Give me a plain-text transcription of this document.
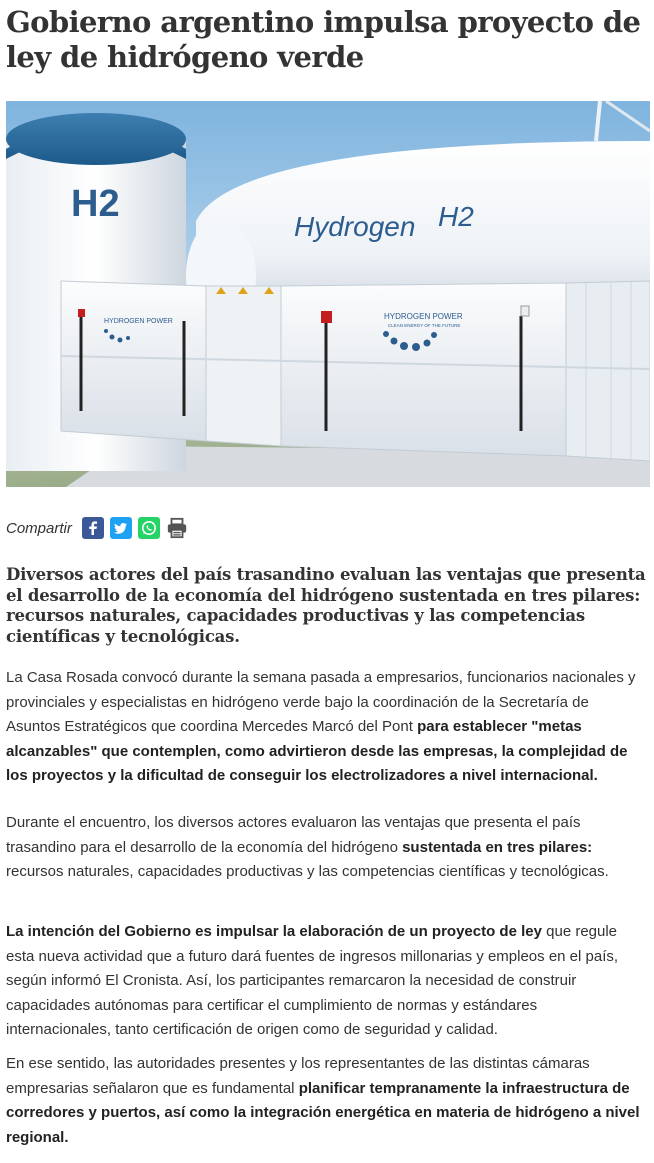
Gobierno argentino impulsa proyecto de ley de hidrógeno verde
H2
Hydrogen H2
HYDROGEN POWER
HYDROGEN POWER
CLEAN ENERGY OF THE FUTURE
Compartir

Diversos actores del país trasandino evaluan las ventajas que presenta el desarrollo de la economía del hidrógeno sustentada en tres pilares: recursos naturales, capacidades productivas y las competencias científicas y tecnológicas.

La Casa Rosada convocó durante la semana pasada a empresarios, funcionarios nacionales y provinciales y especialistas en hidrógeno verde bajo la coordinación de la Secretaría de Asuntos Estratégicos que coordina Mercedes Marcó del Pont para establecer "metas alcanzables" que contemplen, como advirtieron desde las empresas, la complejidad de los proyectos y la dificultad de conseguir los electrolizadores a nivel internacional.

Durante el encuentro, los diversos actores evaluaron las ventajas que presenta el país trasandino para el desarrollo de la economía del hidrógeno sustentada en tres pilares: recursos naturales, capacidades productivas y las competencias científicas y tecnológicas.

La intención del Gobierno es impulsar la elaboración de un proyecto de ley que regule esta nueva actividad que a futuro dará fuentes de ingresos millonarias y empleos en el país, según informó El Cronista. Así, los participantes remarcaron la necesidad de construir capacidades autónomas para certificar el cumplimiento de normas y estándares internacionales, tanto certificación de origen como de seguridad y calidad.

En ese sentido, las autoridades presentes y los representantes de las distintas cámaras empresarias señalaron que es fundamental planificar tempranamente la infraestructura de corredores y puertos, así como la integración energética en materia de hidrógeno a nivel regional.
